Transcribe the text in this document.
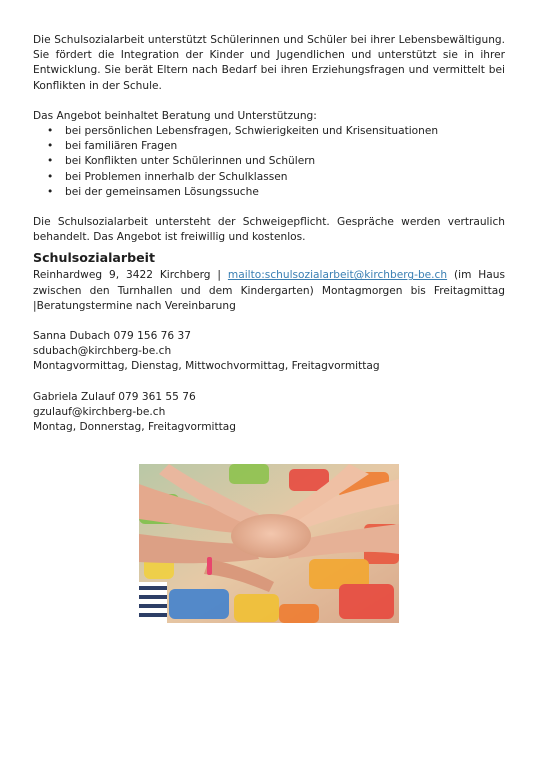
Die Schulsozialarbeit unterstützt Schülerinnen und Schüler bei ihrer Lebensbewältigung. Sie fördert die Integration der Kinder und Jugendlichen und unterstützt sie in ihrer Entwicklung. Sie berät Eltern nach Bedarf bei ihren Erziehungsfragen und vermittelt bei Konflikten in der Schule.

Das Angebot beinhaltet Beratung und Unterstützung:

• bei persönlichen Lebensfragen, Schwierigkeiten und Krisensituationen
• bei familiären Fragen
• bei Konflikten unter Schülerinnen und Schülern
• bei Problemen innerhalb der Schulklassen
• bei der gemeinsamen Lösungssuche

Die Schulsozialarbeit untersteht der Schweigepflicht. Gespräche werden vertraulich behandelt. Das Angebot ist freiwillig und kostenlos.

Schulsozialarbeit

Reinhardweg 9, 3422 Kirchberg | mailto:schulsozialarbeit@kirchberg-be.ch (im Haus zwischen den Turnhallen und dem Kindergarten) Montagmorgen bis Freitagmittag |Beratungstermine nach Vereinbarung

Sanna Dubach 079 156 76 37

sdubach@kirchberg-be.ch

Montagvormittag, Dienstag, Mittwochvormittag, Freitagvormittag

Gabriela Zulauf 079 361 55 76

gzulauf@kirchberg-be.ch

Montag, Donnerstag, Freitagvormittag
